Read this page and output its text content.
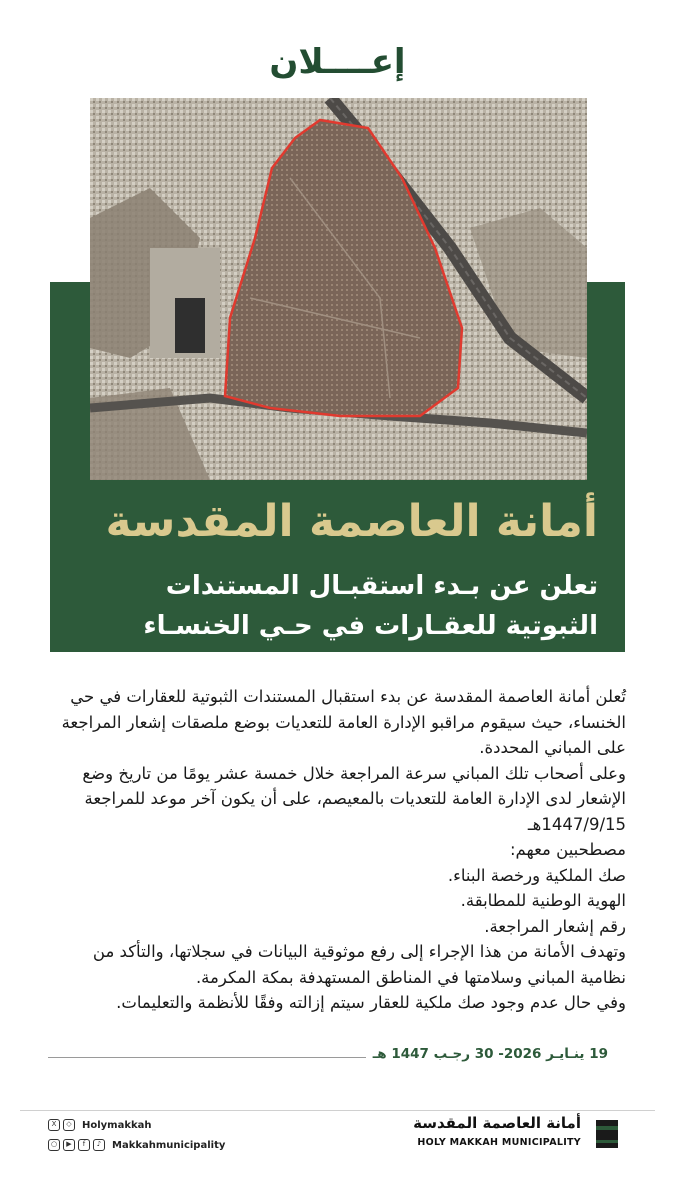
إعــــلان
أمانة العاصمة المقدسة
تعلن عن بـدء استقبـال المستندات
الثبوتية للعقـارات في حـي الخنسـاء

تُعلن أمانة العاصمة المقدسة عن بدء استقبال المستندات الثبوتية للعقارات في حي الخنساء، حيث سيقوم مراقبو الإدارة العامة للتعديات بوضع ملصقات إشعار المراجعة على المباني المحددة.

وعلى أصحاب تلك المباني سرعة المراجعة خلال خمسة عشر يومًا من تاريخ وضع الإشعار لدى الإدارة العامة للتعديات بالمعيصم، على أن يكون آخر موعد للمراجعة 1447/9/15هـ

مصطحبين معهم:

صك الملكية ورخصة البناء.

الهوية الوطنية للمطابقة.

رقم إشعار المراجعة.

وتهدف الأمانة من هذا الإجراء إلى رفع موثوقية البيانات في سجلاتها، والتأكد من نظامية المباني وسلامتها في المناطق المستهدفة بمكة المكرمة.

وفي حال عدم وجود صك ملكية للعقار سيتم إزالته وفقًا للأنظمة والتعليمات.

19 ينـايـر 2026- 30 رجـب 1447 هـ
X	◇	Holymakkah
○	▶	f	♪	Makkahmunicipality
أمانة العاصمة المقدسة
HOLY MAKKAH MUNICIPALITY
